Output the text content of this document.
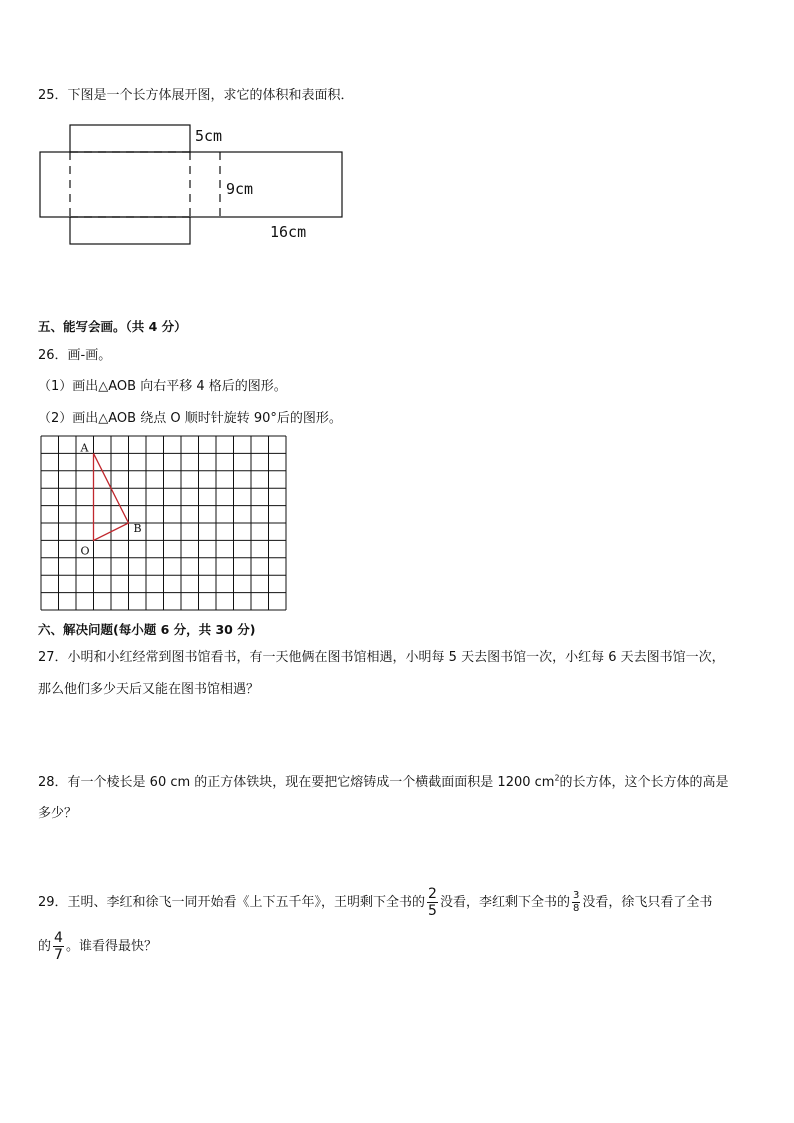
25．下图是一个长方体展开图，求它的体积和表面积．
5cm
9cm
16cm
五、能写会画。（共 4 分）
26．画-画。
（1）画出△AOB 向右平移 4 格后的图形。
（2）画出△AOB 绕点 O 顺时针旋转 90°后的图形。
A
B
O
六、解决问题(每小题 6 分，共 30 分)
27．小明和小红经常到图书馆看书，有一天他俩在图书馆相遇，小明每 5 天去图书馆一次，小红每 6 天去图书馆一次，
那么他们多少天后又能在图书馆相遇？
28．有一个棱长是 60 cm 的正方体铁块，现在要把它熔铸成一个横截面面积是 1200 $cm^2$的长方体，这个长方体的高是
多少？
29．王明、李红和徐飞一同开始看《上下五千年》，王明剩下全书的 $\frac{2}{5}$ 没看，李红剩下全书的 $\frac{3}{8}$ 没看，徐飞只看了全书
的 $\frac{4}{7}$ 。谁看得最快？
